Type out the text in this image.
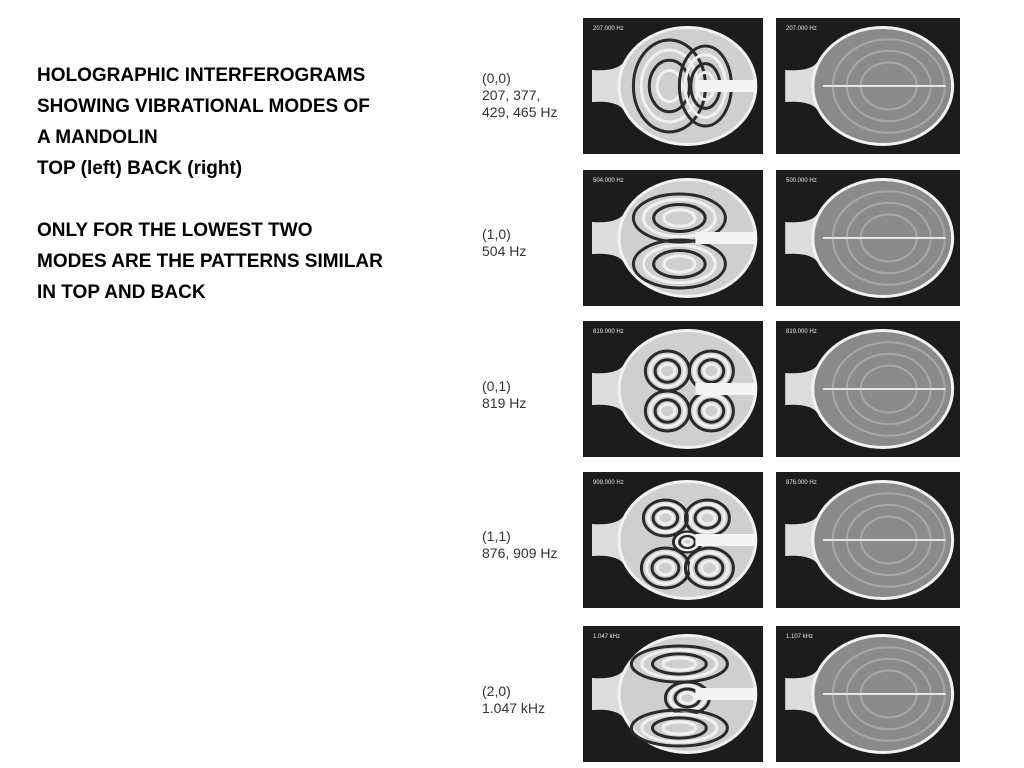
HOLOGRAPHIC INTERFEROGRAMS

SHOWING VIBRATIONAL MODES OF

A MANDOLIN

TOP (left) BACK (right)

ONLY FOR THE LOWEST TWO

MODES ARE THE PATTERNS SIMILAR

IN TOP AND BACK

(0,0)
207, 377,
429, 465 Hz
207.000 Hz	207.000 Hz
(1,0)
504 Hz
504.000 Hz	500.000 Hz
(0,1)
819 Hz
819.000 Hz	819.000 Hz
(1,1)
876, 909 Hz
909.000 Hz	876.000 Hz
(2,0)
1.047 kHz
1.047 kHz	1.107 kHz
